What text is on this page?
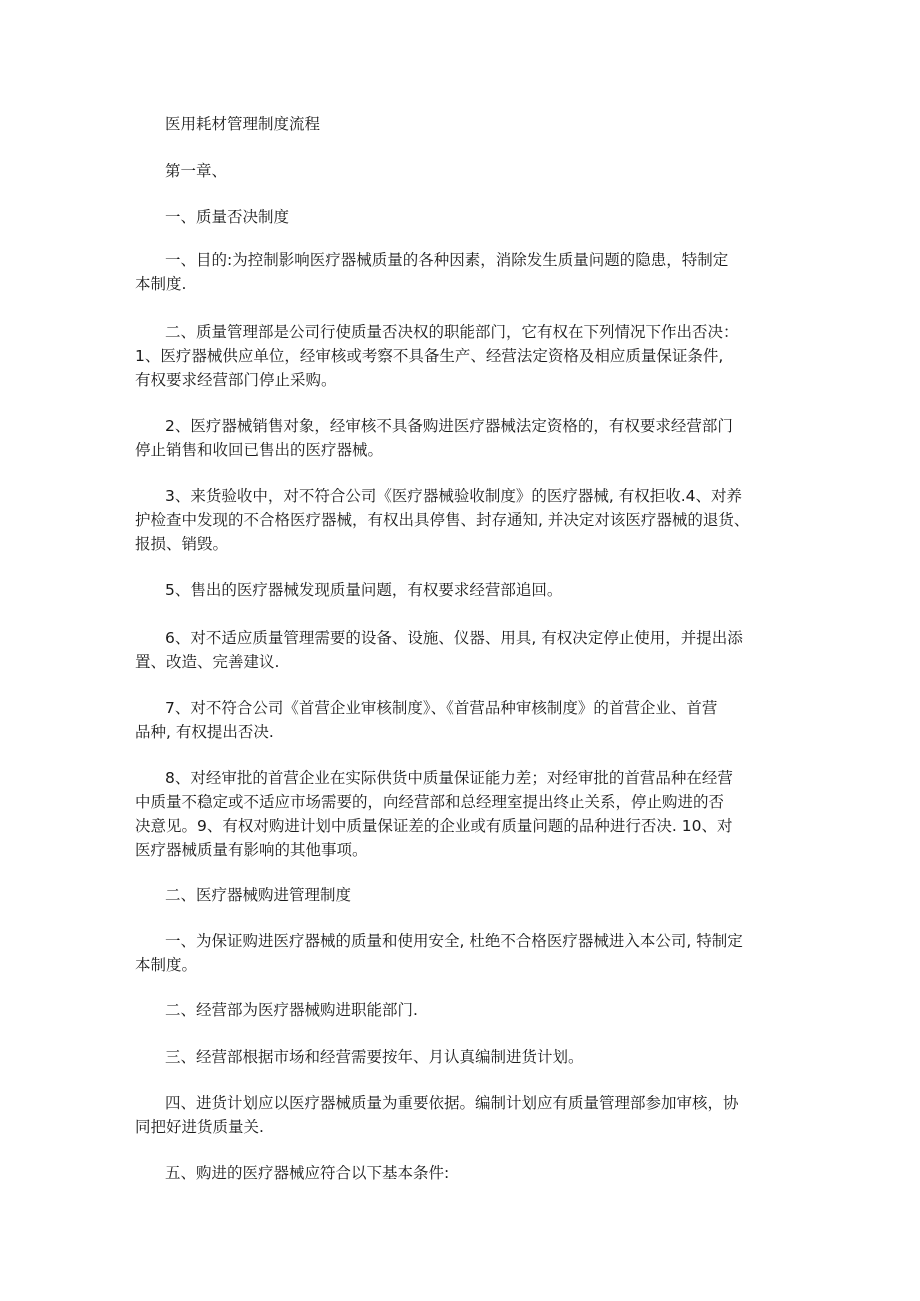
医用耗材管理制度流程

第一章、

一、质量否决制度

一、目的:为控制影响医疗器械质量的各种因素，消除发生质量问题的隐患，特制定
本制度.

二、质量管理部是公司行使质量否决权的职能部门，它有权在下列情况下作出否决：
1、医疗器械供应单位，经审核或考察不具备生产、经营法定资格及相应质量保证条件,
有权要求经营部门停止采购。

2、医疗器械销售对象，经审核不具备购进医疗器械法定资格的，有权要求经营部门
停止销售和收回已售出的医疗器械。

3、来货验收中，对不符合公司《医疗器械验收制度》的医疗器械, 有权拒收.4、对养
护检查中发现的不合格医疗器械，有权出具停售、封存通知, 并决定对该医疗器械的退货、
报损、销毁。

5、售出的医疗器械发现质量问题，有权要求经营部追回。

6、对不适应质量管理需要的设备、设施、仪器、用具, 有权决定停止使用，并提出添
置、改造、完善建议.

7、对不符合公司《首营企业审核制度》、《首营品种审核制度》的首营企业、首营
品种, 有权提出否决.

8、对经审批的首营企业在实际供货中质量保证能力差；对经审批的首营品种在经营
中质量不稳定或不适应市场需要的，向经营部和总经理室提出终止关系，停止购进的否
决意见。9、有权对购进计划中质量保证差的企业或有质量问题的品种进行否决. 10、对
医疗器械质量有影响的其他事项。

二、医疗器械购进管理制度

一、为保证购进医疗器械的质量和使用安全, 杜绝不合格医疗器械进入本公司, 特制定
本制度。

二、经营部为医疗器械购进职能部门.

三、经营部根据市场和经营需要按年、月认真编制进货计划。

四、进货计划应以医疗器械质量为重要依据。编制计划应有质量管理部参加审核，协
同把好进货质量关.

五、购进的医疗器械应符合以下基本条件:
